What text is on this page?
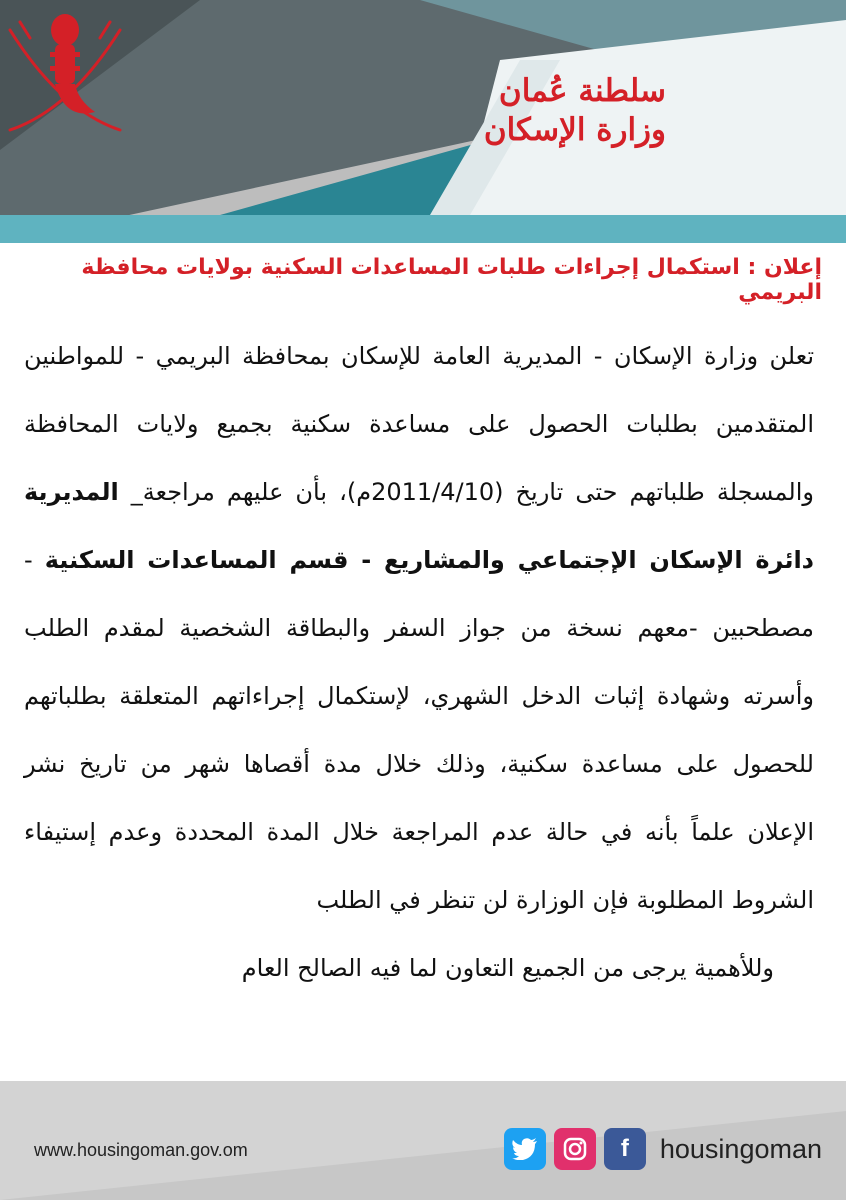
سلطنة عُمان
وزارة الإسكان
إعلان : استكمال إجراءات طلبات المساعدات السكنية بولايات محافظة البريمي
تعلن وزارة الإسكان - المديرية العامة للإسكان بمحافظة البريمي - للمواطنين المتقدمين بطلبات الحصول على مساعدة سكنية بجميع ولايات المحافظة والمسجلة طلباتهم حتى تاريخ (2011/4/10م)، بأن عليهم مراجعة_ المديرية دائرة الإسكان الإجتماعي والمشاريع - قسم المساعدات السكنية - مصطحبين -معهم نسخة من جواز السفر والبطاقة الشخصية لمقدم الطلب وأسرته وشهادة إثبات الدخل الشهري، لإستكمال إجراءاتهم المتعلقة بطلباتهم للحصول على مساعدة سكنية، وذلك خلال مدة أقصاها شهر من تاريخ نشر الإعلان علماً بأنه في حالة عدم المراجعة خلال المدة المحددة وعدم إستيفاء الشروط المطلوبة فإن الوزارة لن تنظر في الطلب
وللأهمية يرجى من الجميع التعاون لما فيه الصالح العام
www.housingoman.gov.om	f	housingoman
